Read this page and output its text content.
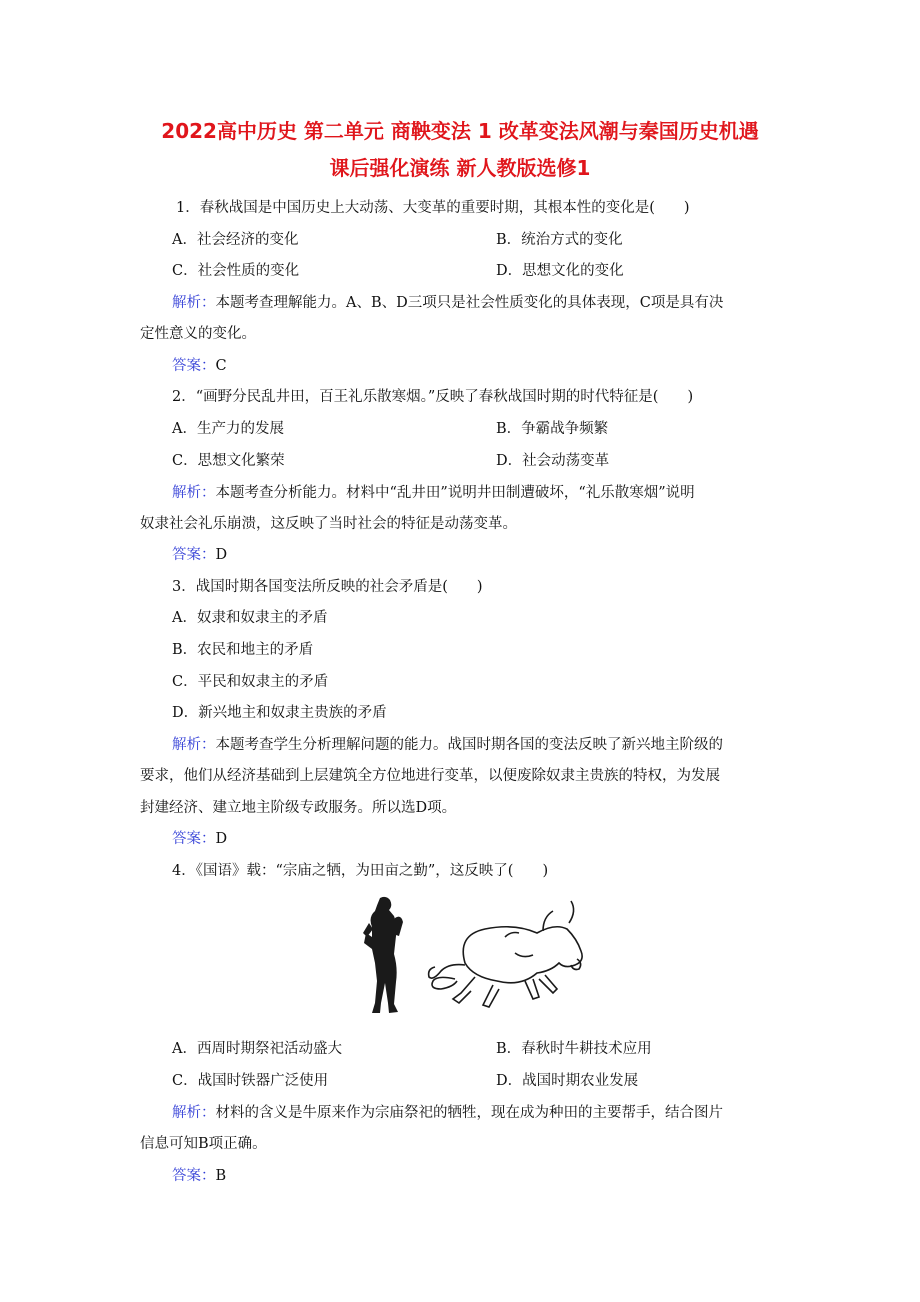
2022高中历史 第二单元 商鞅变法 1 改革变法风潮与秦国历史机遇
课后强化演练 新人教版选修1
1．春秋战国是中国历史上大动荡、大变革的重要时期，其根本性的变化是(　　)
A．社会经济的变化	B．统治方式的变化
C．社会性质的变化	D．思想文化的变化
解析：本题考查理解能力。A、B、D三项只是社会性质变化的具体表现，C项是具有决
定性意义的变化。
答案：C
2．“画野分民乱井田，百王礼乐散寒烟。”反映了春秋战国时期的时代特征是(　　)
A．生产力的发展	B．争霸战争频繁
C．思想文化繁荣	D．社会动荡变革
解析：本题考查分析能力。材料中“乱井田”说明井田制遭破坏，“礼乐散寒烟”说明
奴隶社会礼乐崩溃，这反映了当时社会的特征是动荡变革。
答案：D
3．战国时期各国变法所反映的社会矛盾是(　　)
A．奴隶和奴隶主的矛盾
B．农民和地主的矛盾
C．平民和奴隶主的矛盾
D．新兴地主和奴隶主贵族的矛盾
解析：本题考查学生分析理解问题的能力。战国时期各国的变法反映了新兴地主阶级的
要求，他们从经济基础到上层建筑全方位地进行变革，以便废除奴隶主贵族的特权，为发展
封建经济、建立地主阶级专政服务。所以选D项。
答案：D
4．《国语》载：“宗庙之牺，为田亩之勤”，这反映了(　　)
A．西周时期祭祀活动盛大	B．春秋时牛耕技术应用
C．战国时铁器广泛使用	D．战国时期农业发展
解析：材料的含义是牛原来作为宗庙祭祀的牺牲，现在成为种田的主要帮手，结合图片
信息可知B项正确。
答案：B
